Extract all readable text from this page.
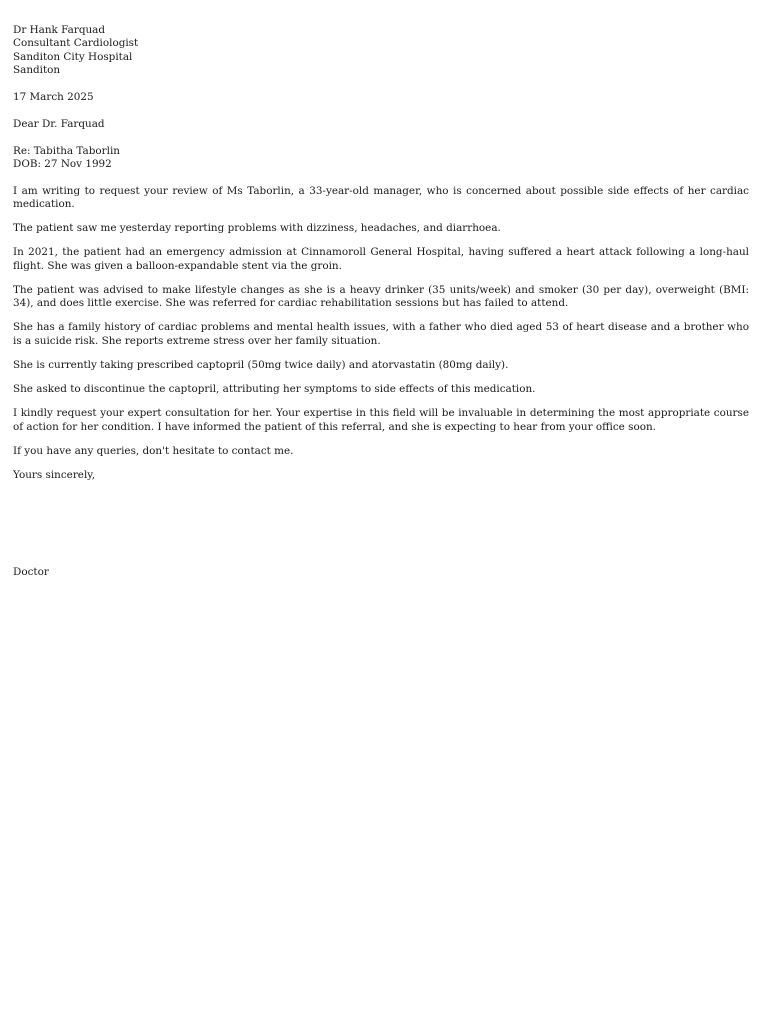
Dr Hank Farquad
Consultant Cardiologist
Sanditon City Hospital
Sanditon
17 March 2025
Dear Dr. Farquad
Re: Tabitha Taborlin
DOB: 27 Nov 1992

I am writing to request your review of Ms Taborlin, a 33-year-old manager, who is concerned about possible side effects of her cardiac medication.

The patient saw me yesterday reporting problems with dizziness, headaches, and diarrhoea.

In 2021, the patient had an emergency admission at Cinnamoroll General Hospital, having suffered a heart attack following a long-haul flight. She was given a balloon-expandable stent via the groin.

The patient was advised to make lifestyle changes as she is a heavy drinker (35 units/week) and smoker (30 per day), overweight (BMI: 34), and does little exercise. She was referred for cardiac rehabilitation sessions but has failed to attend.

She has a family history of cardiac problems and mental health issues, with a father who died aged 53 of heart disease and a brother who is a suicide risk. She reports extreme stress over her family situation.

She is currently taking prescribed captopril (50mg twice daily) and atorvastatin (80mg daily).

She asked to discontinue the captopril, attributing her symptoms to side effects of this medication.

I kindly request your expert consultation for her. Your expertise in this field will be invaluable in determining the most appropriate course of action for her condition. I have informed the patient of this referral, and she is expecting to hear from your office soon.

If you have any queries, don't hesitate to contact me.

Yours sincerely,
Doctor
